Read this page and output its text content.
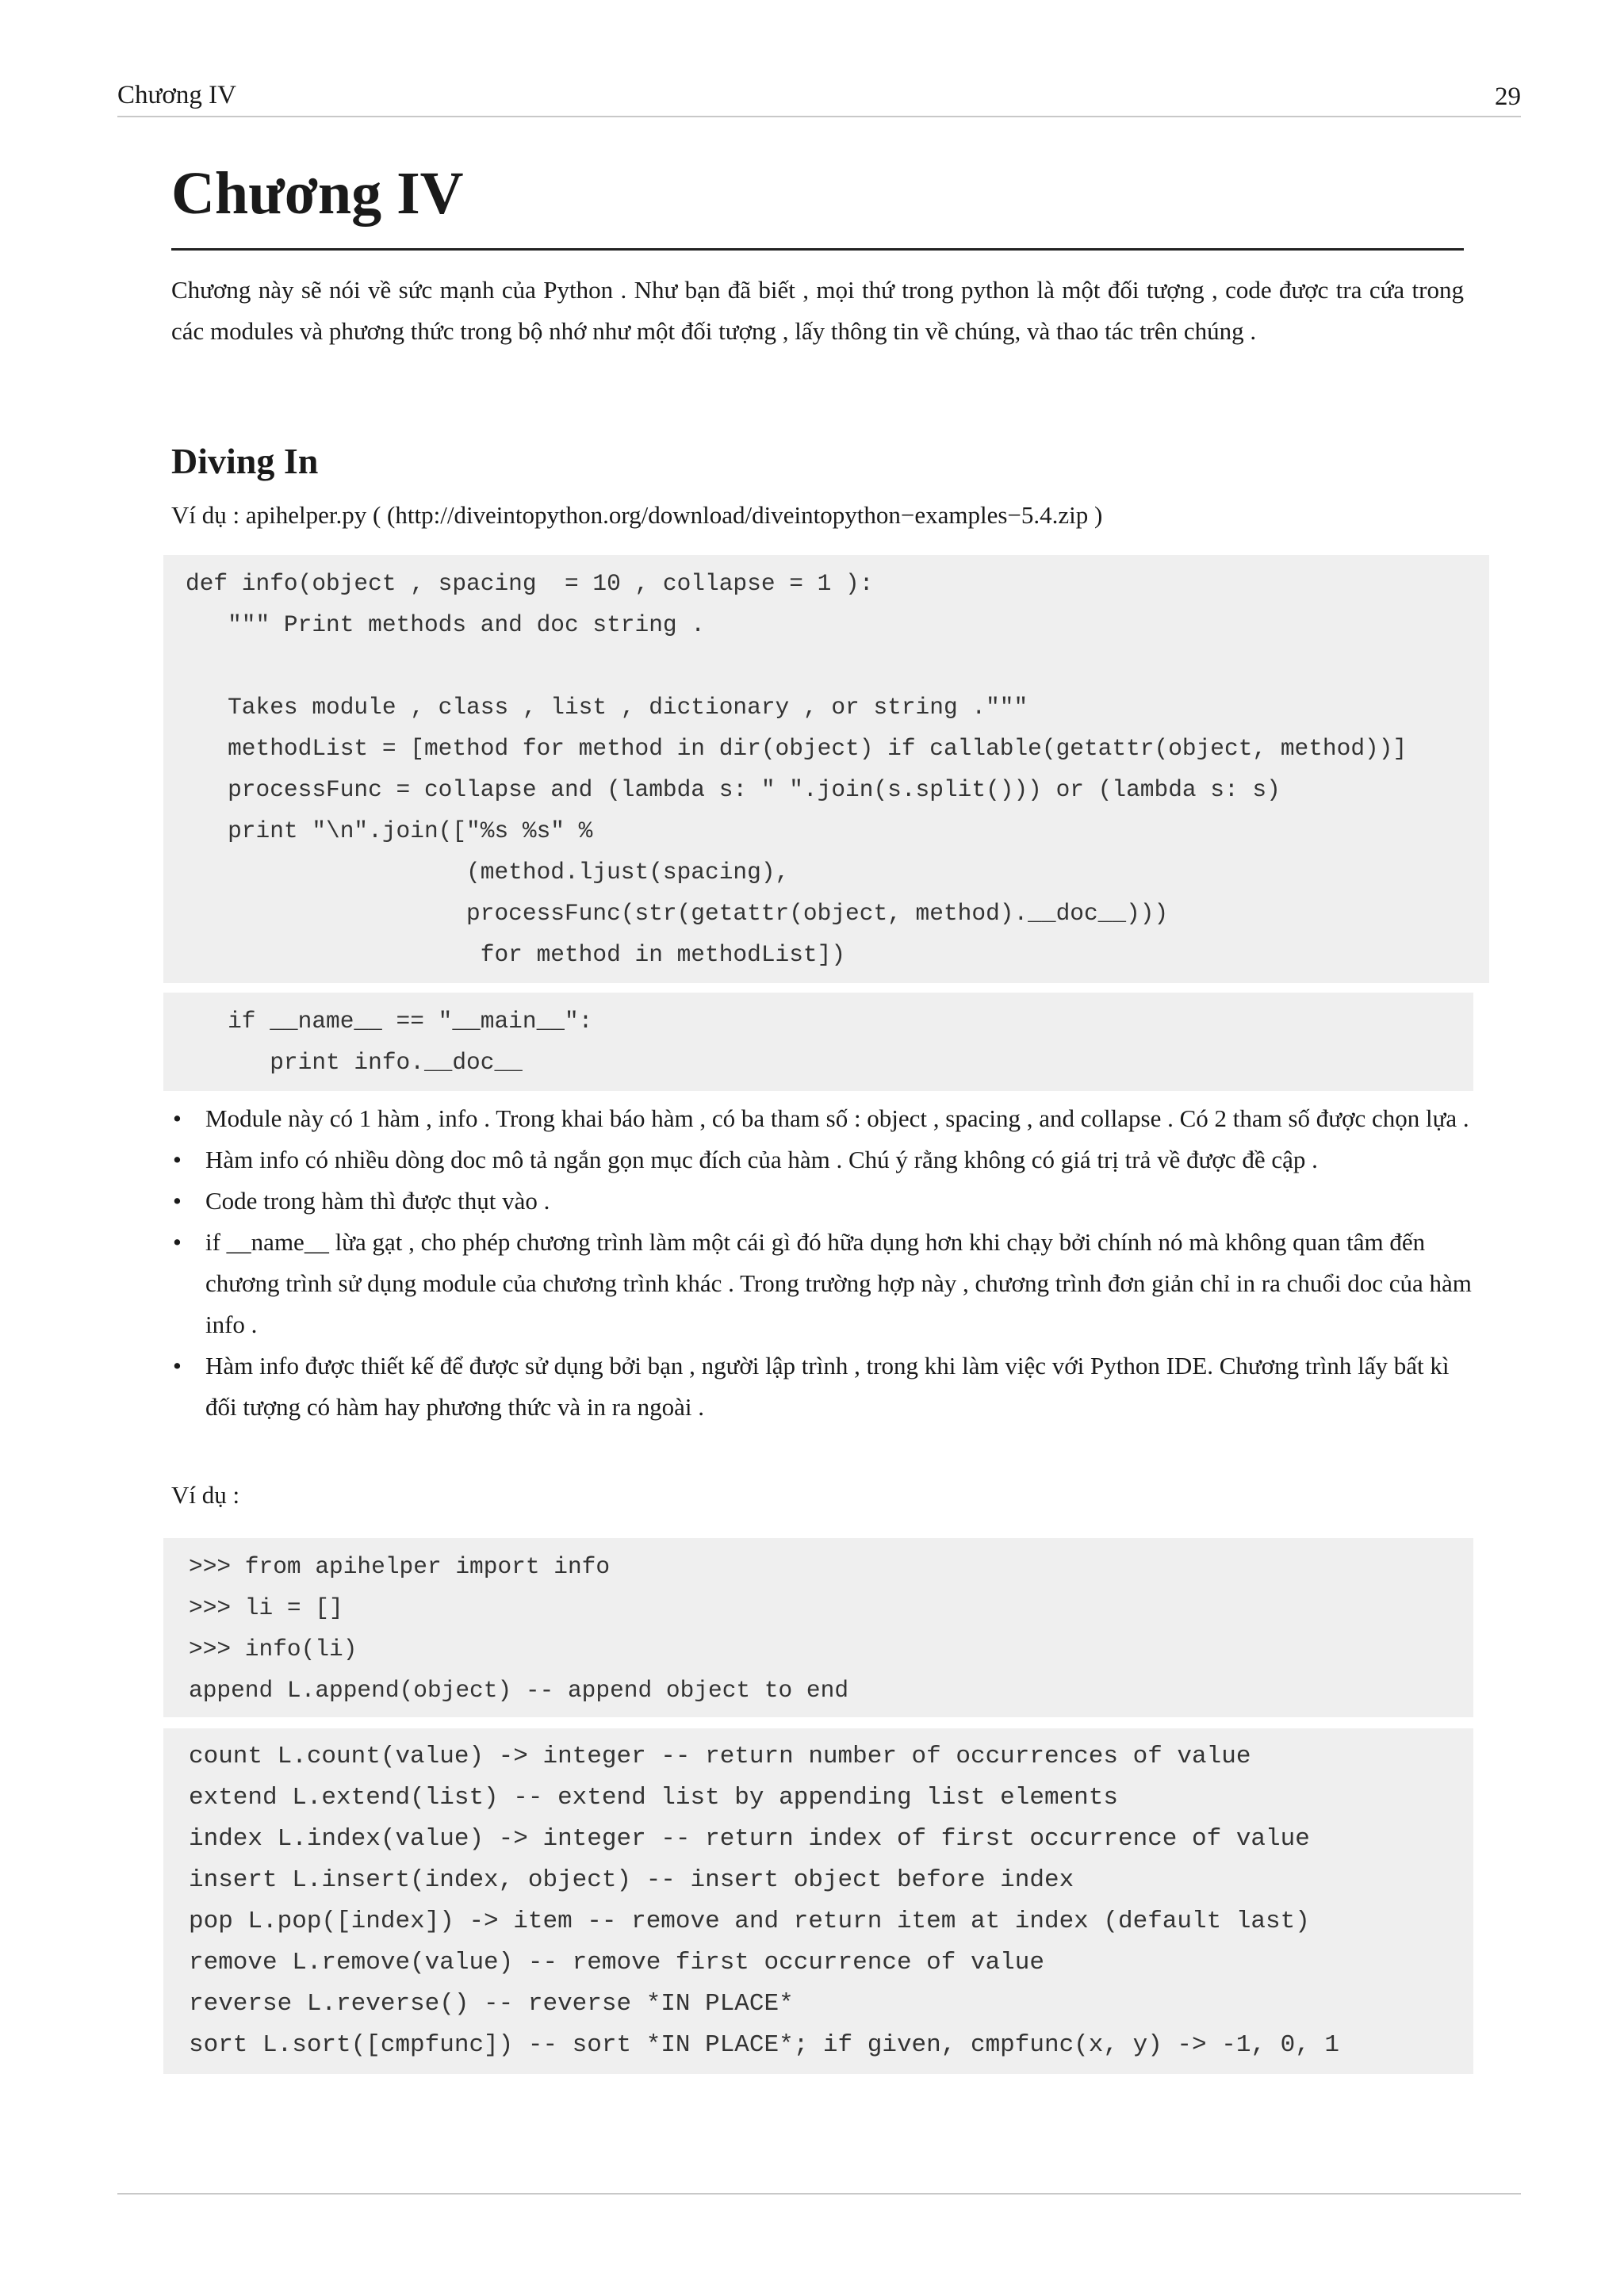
Chương IV	29
Chương IV

Chương này sẽ nói về sức mạnh của Python . Như bạn đã biết , mọi thứ trong python là một đối tượng , code được tra cứa trong các modules và phương thức trong bộ nhớ như một đối tượng , lấy thông tin về chúng, và thao tác trên chúng .

Diving In

Ví dụ : apihelper.py ( (http://diveintopython.org/download/diveintopython−examples−5.4.zip )

def info(object , spacing  = 10 , collapse = 1 ):
""" Print methods and doc string .
Takes module , class , list , dictionary , or string ."""
methodList = [method for method in dir(object) if callable(getattr(object, method))]
processFunc = collapse and (lambda s: " ".join(s.split())) or (lambda s: s)
print "\n".join(["%s %s" %
(method.ljust(spacing),
processFunc(str(getattr(object, method).__doc__)))
for method in methodList])
if __name__ == "__main__":
print info.__doc__
• Module này có 1 hàm , info . Trong khai báo hàm , có ba tham số : object , spacing , and collapse . Có 2 tham số được chọn lựa .
• Hàm info có nhiều dòng doc mô tả ngắn gọn mục đích của hàm . Chú ý rằng không có giá trị trả về được đề cập .
• Code trong hàm thì được thụt vào .
• if __name__ lừa gạt , cho phép chương trình làm một cái gì đó hữa dụng hơn khi chạy bởi chính nó mà không quan tâm đến chương trình sử dụng module của chương trình khác . Trong trường hợp này , chương trình đơn giản chỉ in ra chuổi doc của hàm info .
• Hàm info được thiết kế để được sử dụng bởi bạn , người lập trình , trong khi làm việc với Python IDE. Chương trình lấy bất kì đối tượng có hàm hay phương thức và in ra ngoài .

Ví dụ :

>>> from apihelper import info
>>> li = []
>>> info(li)
append L.append(object) -- append object to end
count L.count(value) -> integer -- return number of occurrences of value
extend L.extend(list) -- extend list by appending list elements
index L.index(value) -> integer -- return index of first occurrence of value
insert L.insert(index, object) -- insert object before index
pop L.pop([index]) -> item -- remove and return item at index (default last)
remove L.remove(value) -- remove first occurrence of value
reverse L.reverse() -- reverse *IN PLACE*
sort L.sort([cmpfunc]) -- sort *IN PLACE*; if given, cmpfunc(x, y) -> -1, 0, 1
